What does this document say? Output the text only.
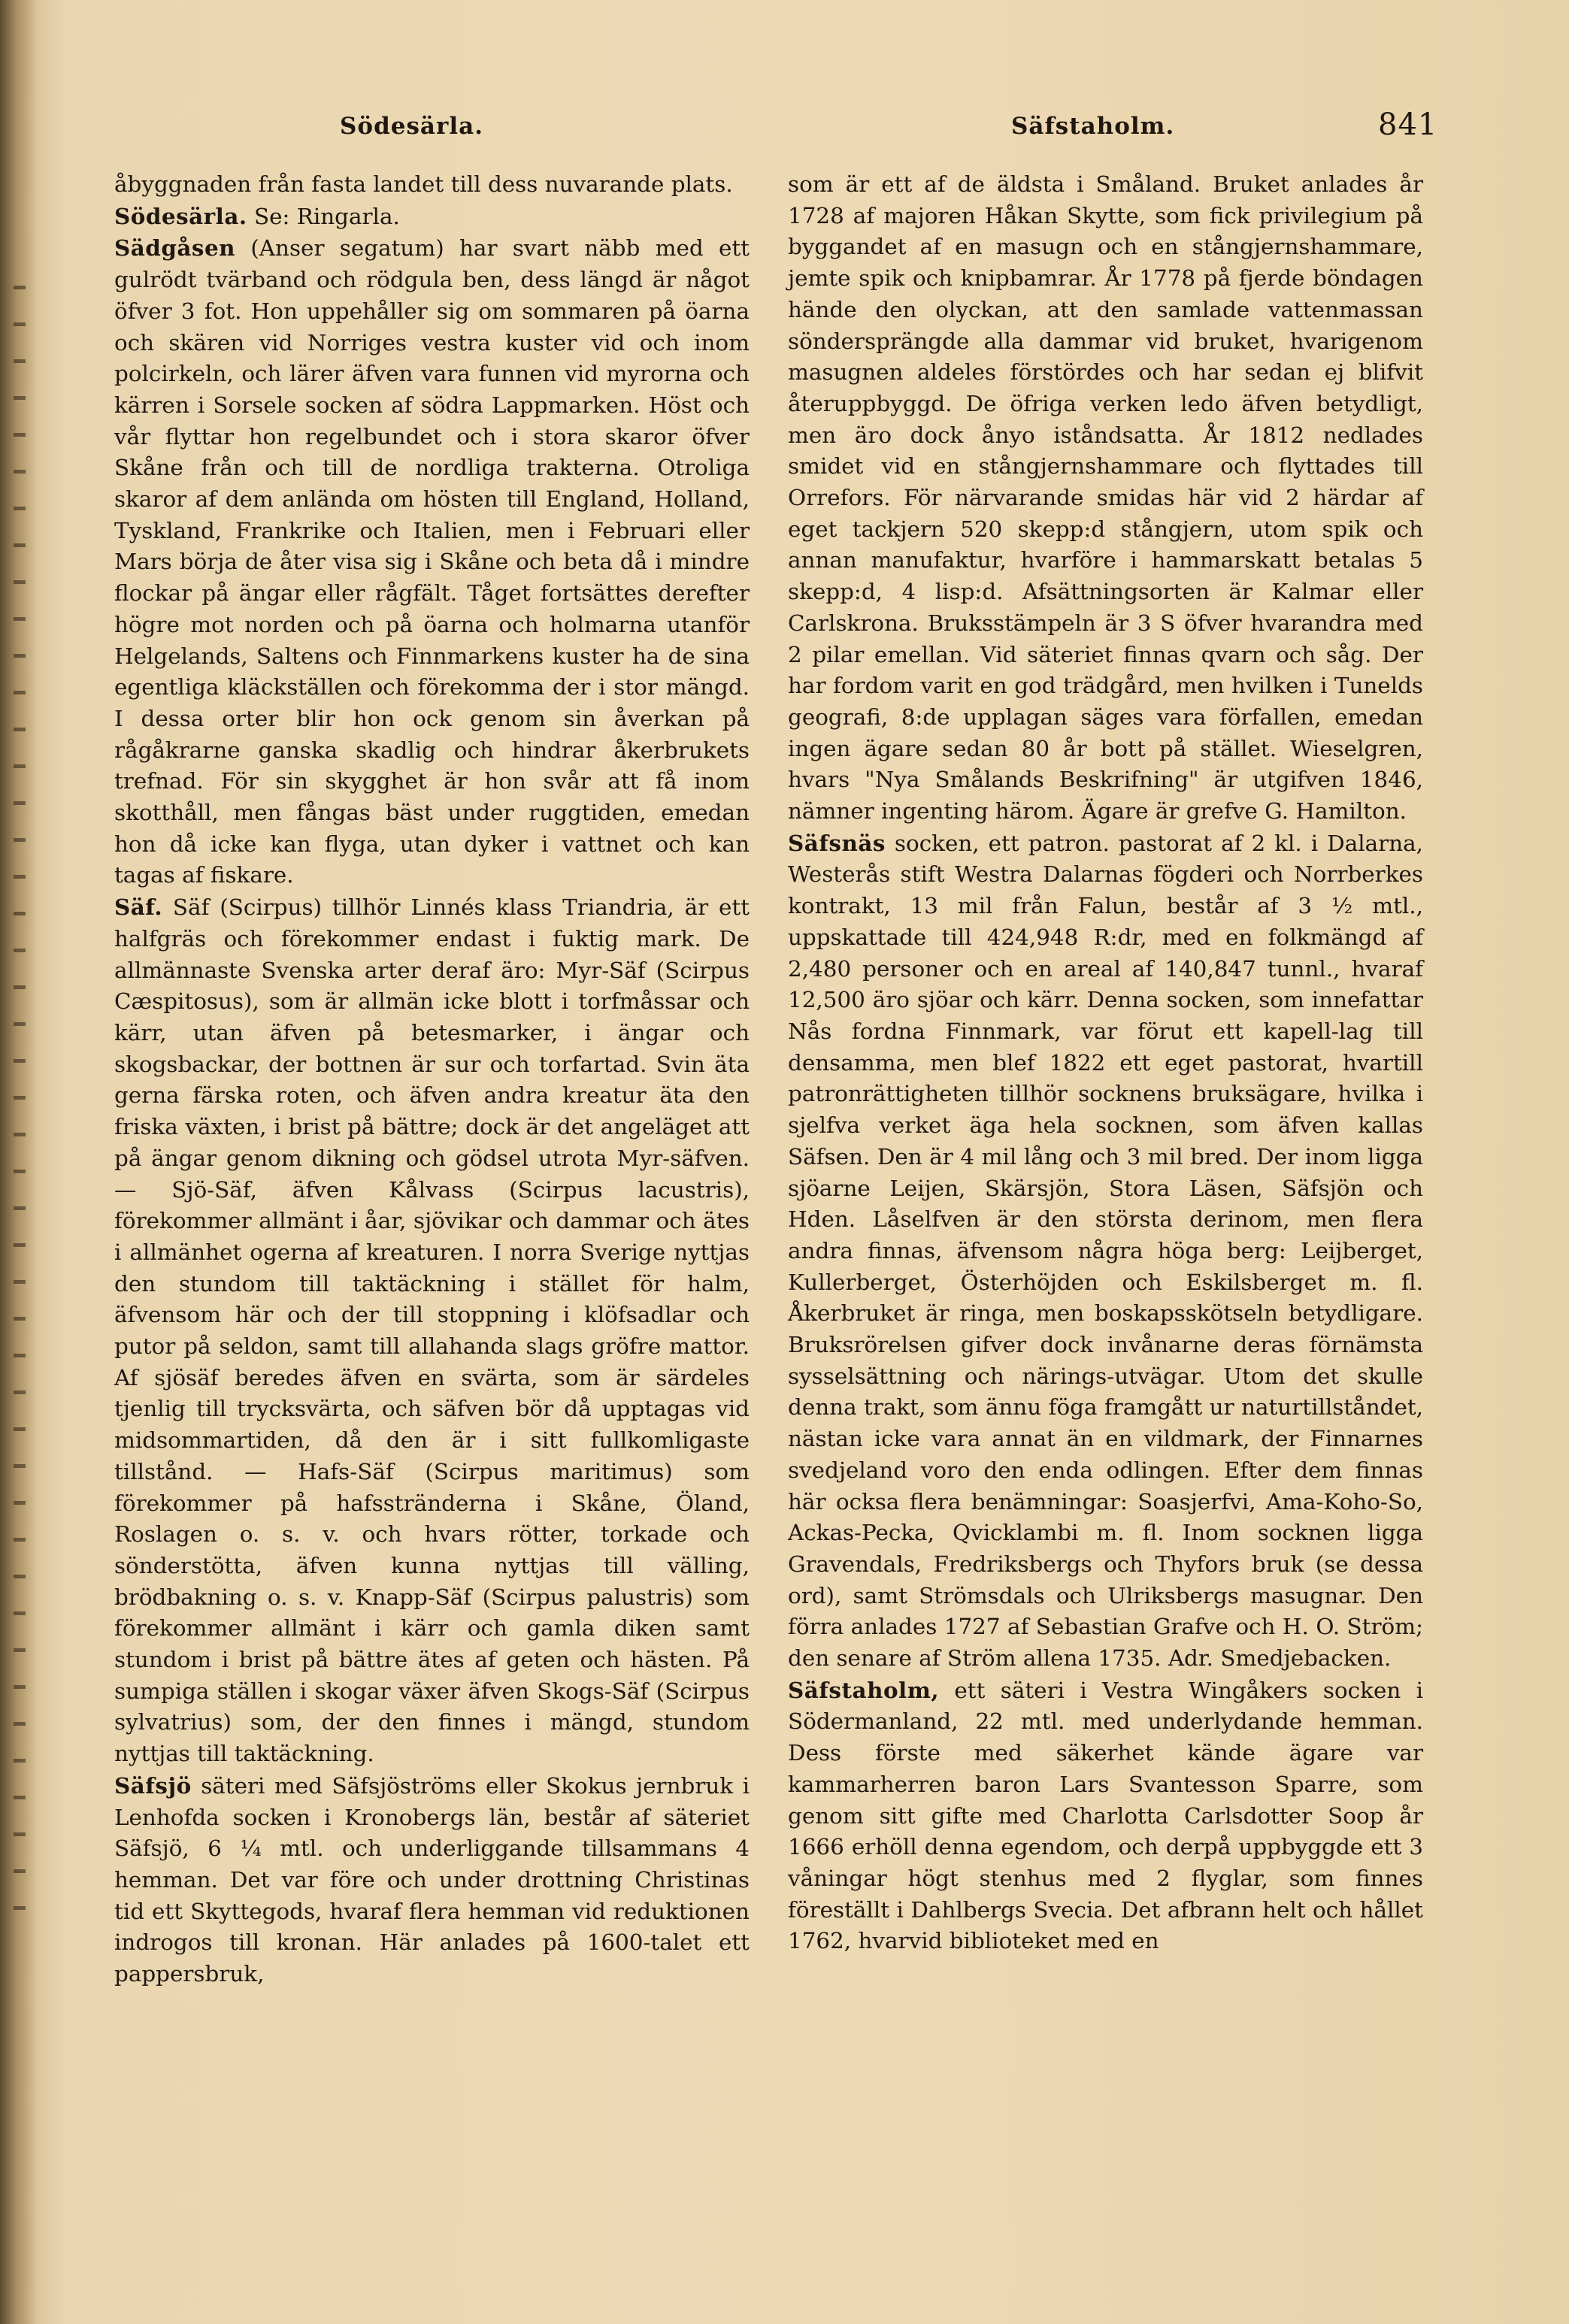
Södesärla.	Säfstaholm.	841

åbyggnaden från fasta landet till dess nuvarande plats.

Södesärla. Se: Ringarla.

Sädgåsen (Anser segatum) har svart näbb med ett gulrödt tvärband och rödgula ben, dess längd är något öfver 3 fot. Hon uppehåller sig om sommaren på öarna och skären vid Norriges vestra kuster vid och inom polcirkeln, och lärer äfven vara funnen vid myrorna och kärren i Sorsele socken af södra Lappmarken. Höst och vår flyttar hon regelbundet och i stora skaror öfver Skåne från och till de nordliga trakterna. Otroliga skaror af dem anlända om hösten till England, Holland, Tyskland, Frankrike och Italien, men i Februari eller Mars börja de åter visa sig i Skåne och beta då i mindre flockar på ängar eller rågfält. Tåget fortsättes derefter högre mot norden och på öarna och holmarna utanför Helgelands, Saltens och Finnmarkens kuster ha de sina egentliga kläckställen och förekomma der i stor mängd. I dessa orter blir hon ock genom sin åverkan på rågåkrarne ganska skadlig och hindrar åkerbrukets trefnad. För sin skygghet är hon svår att få inom skotthåll, men fångas bäst under ruggtiden, emedan hon då icke kan flyga, utan dyker i vattnet och kan tagas af fiskare.

Säf. Säf (Scirpus) tillhör Linnés klass Triandria, är ett halfgräs och förekommer endast i fuktig mark. De allmännaste Svenska arter deraf äro: Myr-Säf (Scirpus Cæspitosus), som är allmän icke blott i torfmåssar och kärr, utan äfven på betesmarker, i ängar och skogsbackar, der bottnen är sur och torfartad. Svin äta gerna färska roten, och äfven andra kreatur äta den friska växten, i brist på bättre; dock är det angeläget att på ängar genom dikning och gödsel utrota Myr-säfven. — Sjö-Säf, äfven Kålvass (Scirpus lacustris), förekommer allmänt i åar, sjövikar och dammar och ätes i allmänhet ogerna af kreaturen. I norra Sverige nyttjas den stundom till taktäckning i stället för halm, äfvensom här och der till stoppning i klöfsadlar och putor på seldon, samt till allahanda slags gröfre mattor. Af sjösäf beredes äfven en svärta, som är särdeles tjenlig till trycksvärta, och säfven bör då upptagas vid midsommartiden, då den är i sitt fullkomligaste tillstånd. — Hafs-Säf (Scirpus maritimus) som förekommer på hafsstränderna i Skåne, Öland, Roslagen o. s. v. och hvars rötter, torkade och sönderstötta, äfven kunna nyttjas till välling, brödbakning o. s. v. Knapp-Säf (Scirpus palustris) som förekommer allmänt i kärr och gamla diken samt stundom i brist på bättre ätes af geten och hästen. På sumpiga ställen i skogar växer äfven Skogs-Säf (Scirpus sylvatrius) som, der den finnes i mängd, stundom nyttjas till taktäckning.

Säfsjö säteri med Säfsjöströms eller Skokus jernbruk i Lenhofda socken i Kronobergs län, består af säteriet Säfsjö, 6 ¼ mtl. och underliggande tillsammans 4 hemman. Det var före och under drottning Christinas tid ett Skyttegods, hvaraf flera hemman vid reduktionen indrogos till kronan. Här anlades på 1600-talet ett pappersbruk,

som är ett af de äldsta i Småland. Bruket anlades år 1728 af majoren Håkan Skytte, som fick privilegium på byggandet af en masugn och en stångjernshammare, jemte spik och knipbamrar. År 1778 på fjerde böndagen hände den olyckan, att den samlade vattenmassan söndersprängde alla dammar vid bruket, hvarigenom masugnen aldeles förstördes och har sedan ej blifvit återuppbyggd. De öfriga verken ledo äfven betydligt, men äro dock ånyo iståndsatta. År 1812 nedlades smidet vid en stångjernshammare och flyttades till Orrefors. För närvarande smidas här vid 2 härdar af eget tackjern 520 skepp:d stångjern, utom spik och annan manufaktur, hvarföre i hammarskatt betalas 5 skepp:d, 4 lisp:d. Afsättningsorten är Kalmar eller Carlskrona. Bruksstämpeln är 3 S öfver hvarandra med 2 pilar emellan. Vid säteriet finnas qvarn och såg. Der har fordom varit en god trädgård, men hvilken i Tunelds geografi, 8:de upplagan säges vara förfallen, emedan ingen ägare sedan 80 år bott på stället. Wieselgren, hvars "Nya Smålands Beskrifning" är utgifven 1846, nämner ingenting härom. Ägare är grefve G. Hamilton.

Säfsnäs socken, ett patron. pastorat af 2 kl. i Dalarna, Westerås stift Westra Dalarnas fögderi och Norrberkes kontrakt, 13 mil från Falun, består af 3 ½ mtl., uppskattade till 424,948 R:dr, med en folkmängd af 2,480 personer och en areal af 140,847 tunnl., hvaraf 12,500 äro sjöar och kärr. Denna socken, som innefattar Nås fordna Finnmark, var förut ett kapell-lag till densamma, men blef 1822 ett eget pastorat, hvartill patronrättigheten tillhör socknens bruksägare, hvilka i sjelfva verket äga hela socknen, som äfven kallas Säfsen. Den är 4 mil lång och 3 mil bred. Der inom ligga sjöarne Leijen, Skärsjön, Stora Läsen, Säfsjön och Hden. Låselfven är den största derinom, men flera andra finnas, äfvensom några höga berg: Leijberget, Kullerberget, Österhöjden och Eskilsberget m. fl. Åkerbruket är ringa, men boskapsskötseln betydligare. Bruksrörelsen gifver dock invånarne deras förnämsta sysselsättning och närings-utvägar. Utom det skulle denna trakt, som ännu föga framgått ur naturtillståndet, nästan icke vara annat än en vildmark, der Finnarnes svedjeland voro den enda odlingen. Efter dem finnas här ocksa flera benämningar: Soasjerfvi, Ama-Koho-So, Ackas-Pecka, Qvicklambi m. fl. Inom socknen ligga Gravendals, Fredriksbergs och Thyfors bruk (se dessa ord), samt Strömsdals och Ulriksbergs masugnar. Den förra anlades 1727 af Sebastian Grafve och H. O. Ström; den senare af Ström allena 1735. Adr. Smedjebacken.

Säfstaholm, ett säteri i Vestra Wingåkers socken i Södermanland, 22 mtl. med underlydande hemman. Dess förste med säkerhet kände ägare var kammarherren baron Lars Svantesson Sparre, som genom sitt gifte med Charlotta Carlsdotter Soop år 1666 erhöll denna egendom, och derpå uppbyggde ett 3 våningar högt stenhus med 2 flyglar, som finnes föreställt i Dahlbergs Svecia. Det afbrann helt och hållet 1762, hvarvid biblioteket med en
